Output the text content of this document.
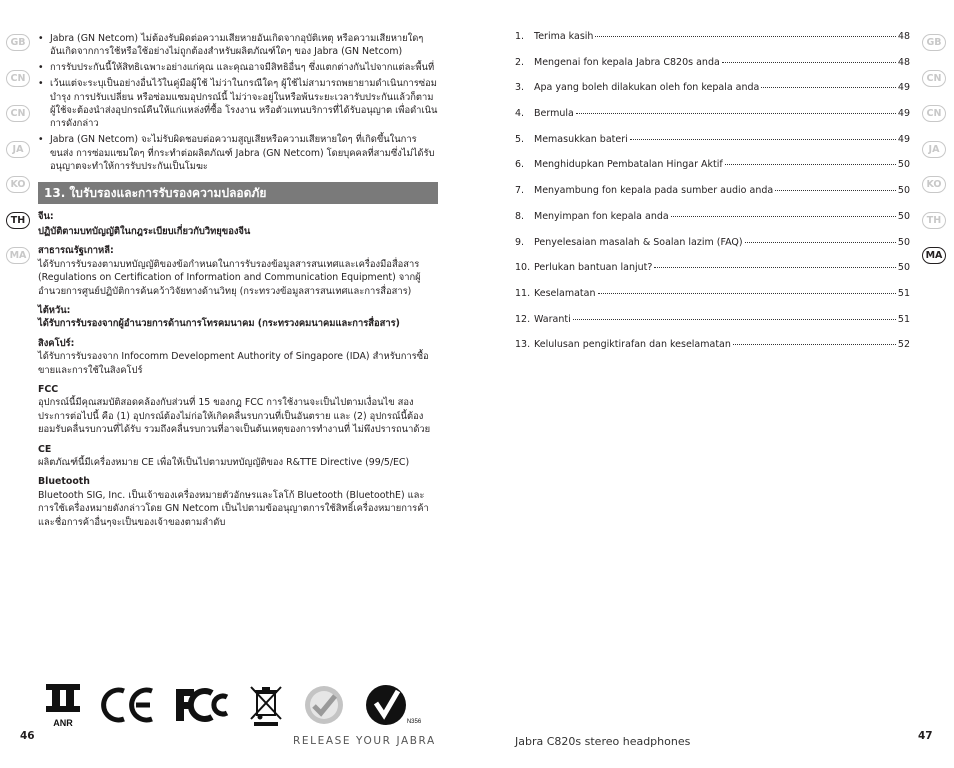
GB
CN
CN
JA
KO
TH
MA
• Jabra (GN Netcom) ไม่ต้องรับผิดต่อความเสียหายอันเกิดจากอุบัติเหตุ หรือความเสียหายใดๆ อันเกิดจากการใช้หรือใช้อย่างไม่ถูกต้องสำหรับผลิตภัณฑ์ใดๆ ของ Jabra (GN Netcom)
• การรับประกันนี้ให้สิทธิเฉพาะอย่างแก่คุณ และคุณอาจมีสิทธิอื่นๆ ซึ่งแตกต่างกันไปจากแต่ละพื้นที่
• เว้นแต่จะระบุเป็นอย่างอื่นไว้ในคู่มือผู้ใช้ ไม่ว่าในกรณีใดๆ ผู้ใช้ไม่สามารถพยายามดำเนินการซ่อมบำรุง การปรับเปลี่ยน หรือซ่อมแซมอุปกรณ์นี้ ไม่ว่าจะอยู่ในหรือพ้นระยะเวลารับประกันแล้วก็ตาม ผู้ใช้จะต้องนำส่งอุปกรณ์คืนให้แก่แหล่งที่ซื้อ โรงงาน หรือตัวแทนบริการที่ได้รับอนุญาต เพื่อดำเนินการดังกล่าว
• Jabra (GN Netcom) จะไม่รับผิดชอบต่อความสูญเสียหรือความเสียหายใดๆ ที่เกิดขึ้นในการขนส่ง การซ่อมแซมใดๆ ที่กระทำต่อผลิตภัณฑ์ Jabra (GN Netcom) โดยบุคคลที่สามซึ่งไม่ได้รับอนุญาตจะทำให้การรับประกันเป็นโมฆะ
13. ใบรับรองและการรับรองความปลอดภัย
จีน:
ปฏิบัติตามบทบัญญัติในกฎระเบียบเกี่ยวกับวิทยุของจีน
สาธารณรัฐเกาหลี:
ได้รับการรับรองตามบทบัญญัติของข้อกำหนดในการรับรองข้อมูลสารสนเทศและเครื่องมือสื่อสาร (Regulations on Certification of Information and Communication Equipment) จากผู้อำนวยการศูนย์ปฏิบัติการค้นคว้าวิจัยทางด้านวิทยุ (กระทรวงข้อมูลสารสนเทศและการสื่อสาร)
ไต้หวัน:
ได้รับการรับรองจากผู้อำนวยการด้านการโทรคมนาคม (กระทรวงคมนาคมและการสื่อสาร)
สิงคโปร์:
ได้รับการรับรองจาก Infocomm Development Authority of Singapore (IDA) สำหรับการซื้อขายและการใช้ในสิงคโปร์
FCC
อุปกรณ์นี้มีคุณสมบัติสอดคล้องกับส่วนที่ 15 ของกฎ FCC การใช้งานจะเป็นไปตามเงื่อนไข สองประการต่อไปนี้ คือ (1) อุปกรณ์ต้องไม่ก่อให้เกิดคลื่นรบกวนที่เป็นอันตราย และ (2) อุปกรณ์นี้ต้องยอมรับคลื่นรบกวนที่ได้รับ รวมถึงคลื่นรบกวนที่อาจเป็นต้นเหตุของการทำงานที่ ไม่พึงปรารถนาด้วย
CE
ผลิตภัณฑ์นี้มีเครื่องหมาย CE เพื่อให้เป็นไปตามบทบัญญัติของ R&TTE Directive (99/5/EC)
Bluetooth
Bluetooth SIG, Inc. เป็นเจ้าของเครื่องหมายตัวอักษรและโลโก้ Bluetooth (BluetoothE) และ การใช้เครื่องหมายดังกล่าวโดย GN Netcom เป็นไปตามข้ออนุญาตการใช้สิทธิ์เครื่องหมายการค้าและชื่อการค้าอื่นๆจะเป็นของเจ้าของตามลำดับ
ANR	N356
46	RELEASE YOUR JABRA
1.	Terima kasih	48
2.	Mengenai fon kepala Jabra C820s anda	48
3.	Apa yang boleh dilakukan oleh fon kepala anda	49
4.	Bermula	49
5.	Memasukkan bateri	49
6.	Menghidupkan Pembatalan Hingar Aktif	50
7.	Menyambung fon kepala pada sumber audio anda	50
8.	Menyimpan fon kepala anda	50
9.	Penyelesaian masalah & Soalan lazim (FAQ)	50
10. Perlukan bantuan lanjut?	50
11. Keselamatan	51
12. Waranti	51
13. Kelulusan pengiktirafan dan keselamatan	52
GB
CN
CN
JA
KO
TH
MA
Jabra C820s stereo headphones	47
